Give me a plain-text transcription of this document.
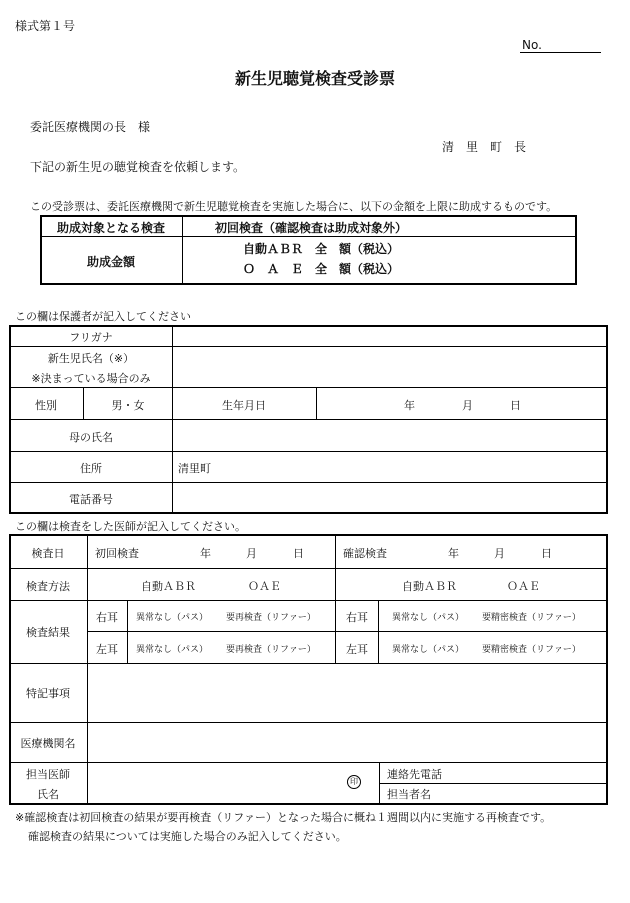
様式第１号
No.
新生児聴覚検査受診票
委託医療機関の長　様
清　里　町　長
下記の新生児の聴覚検査を依頼します。
この受診票は、委託医療機関で新生児聴覚検査を実施した場合に、以下の金額を上限に助成するものです。
助成対象となる検査	初回検査（確認検査は助成対象外）
助成金額
自動ＡＢＲ　全　額（税込）
Ｏ　Ａ　Ｅ　全　額（税込）
この欄は保護者が記入してください
フリガナ
新生児氏名（※）
※決まっている場合のみ
性別	男・女	生年月日	年	月	日
母の氏名
住所	清里町
電話番号
この欄は検査をした医師が記入してください。
検査日	初回検査	年	月	日	確認検査	年	月	日
検査方法	自動ＡＢＲ	ＯＡＥ	自動ＡＢＲ	ＯＡＥ
検査結果
右耳 異常なし（パス） 要再検査（リファー）	右耳	異常なし（パス） 要精密検査（リファー）
左耳 異常なし（パス） 要再検査（リファー）	左耳	異常なし（パス） 要精密検査（リファー）
特記事項
医療機関名
担当医師
氏名
印
連絡先電話
担当者名
※確認検査は初回検査の結果が要再検査（リファー）となった場合に概ね１週間以内に実施する再検査です。
確認検査の結果については実施した場合のみ記入してください。
